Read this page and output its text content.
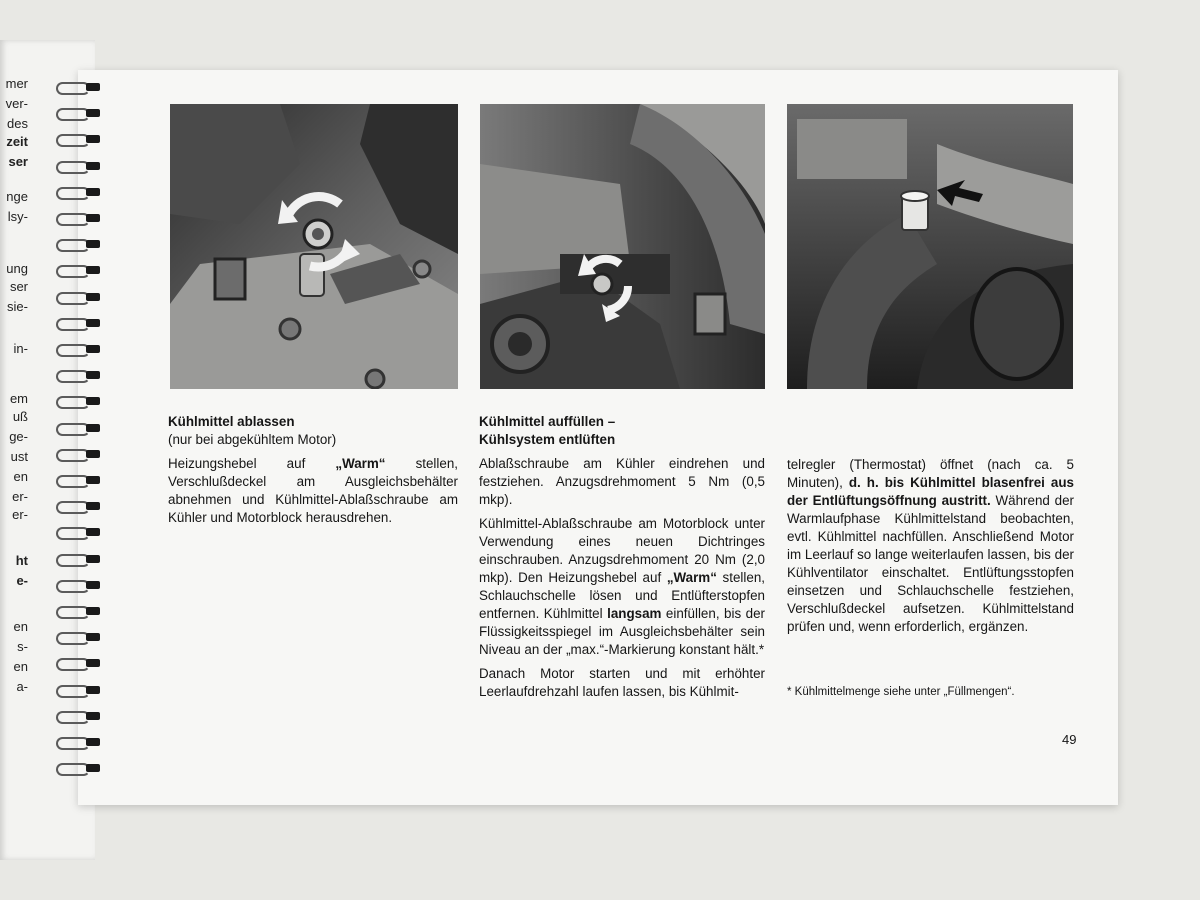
mer
ver-
des
zeit
ser
nge
lsy-
ung
ser
sie-
in-
em
uß
ge-
ust
en
er-
er-
ht
e-
en
s-
en
a-
Kühlmittel ablassen

(nur bei abgekühltem Motor)

Heizungshebel auf „Warm“ stellen, Verschlußdeckel am Ausgleichsbehälter abnehmen und Kühlmittel-Ablaßschraube am Kühler und Motorblock herausdrehen.

Kühlmittel auffüllen –
Kühlsystem entlüften

Ablaßschraube am Kühler eindrehen und festziehen. Anzugsdrehmoment 5 Nm (0,5 mkp).

Kühlmittel-Ablaßschraube am Motorblock unter Verwendung eines neuen Dichtringes einschrauben. Anzugsdrehmoment 20 Nm (2,0 mkp). Den Heizungshebel auf „Warm“ stellen, Schlauchschelle lösen und Entlüfterstopfen entfernen. Kühlmittel langsam einfüllen, bis der Flüssigkeitsspiegel im Ausgleichsbehälter sein Niveau an der „max.“-Markierung konstant hält.*

Danach Motor starten und mit erhöhter Leerlaufdrehzahl laufen lassen, bis Kühlmit-

telregler (Thermostat) öffnet (nach ca. 5 Minuten), d. h. bis Kühlmittel blasenfrei aus der Entlüftungsöffnung austritt. Während der Warmlaufphase Kühlmittelstand beobachten, evtl. Kühlmittel nachfüllen. Anschließend Motor im Leerlauf so lange weiterlaufen lassen, bis der Kühlventilator einschaltet. Entlüftungsstopfen einsetzen und Schlauchschelle festziehen, Verschlußdeckel aufsetzen. Kühlmittelstand prüfen und, wenn erforderlich, ergänzen.

* Kühlmittelmenge siehe unter „Füllmengen“.
49
